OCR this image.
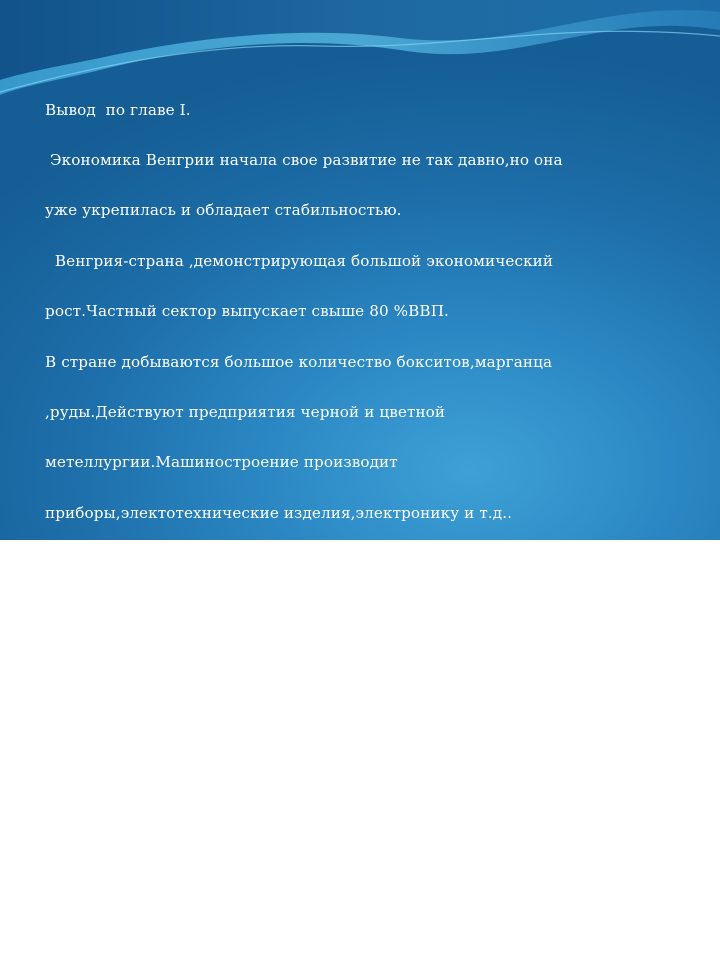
Вывод  по главе I.

Экономика Венгрии начала свое развитие не так давно,но она

уже укрепилась и обладает стабильностью.

Венгрия-страна ,демонстрирующая большой экономический

рост.Частный сектор выпускает свыше 80 %ВВП.

В стране добываются большое количество бокситов,марганца

,руды.Действуют предприятия черной и цветной

метеллургии.Машиностроение производит

приборы,электотехнические изделия,электронику и т.д..

У страны основными партнерами являются –

Германия,Австрия,Италия,Нидерланды,

Основными партнерами по импорту являются-

Германия,Россия,Австрия,Италия.

Налоговая система  Венгрии  сформировалась около десяти лет

назад.ЕЕ модель налогообложения схожа с моделью Европейских

стран.В стране существуют три главных налога-подоходный

налог, налоги с оборота и местные налоги.
